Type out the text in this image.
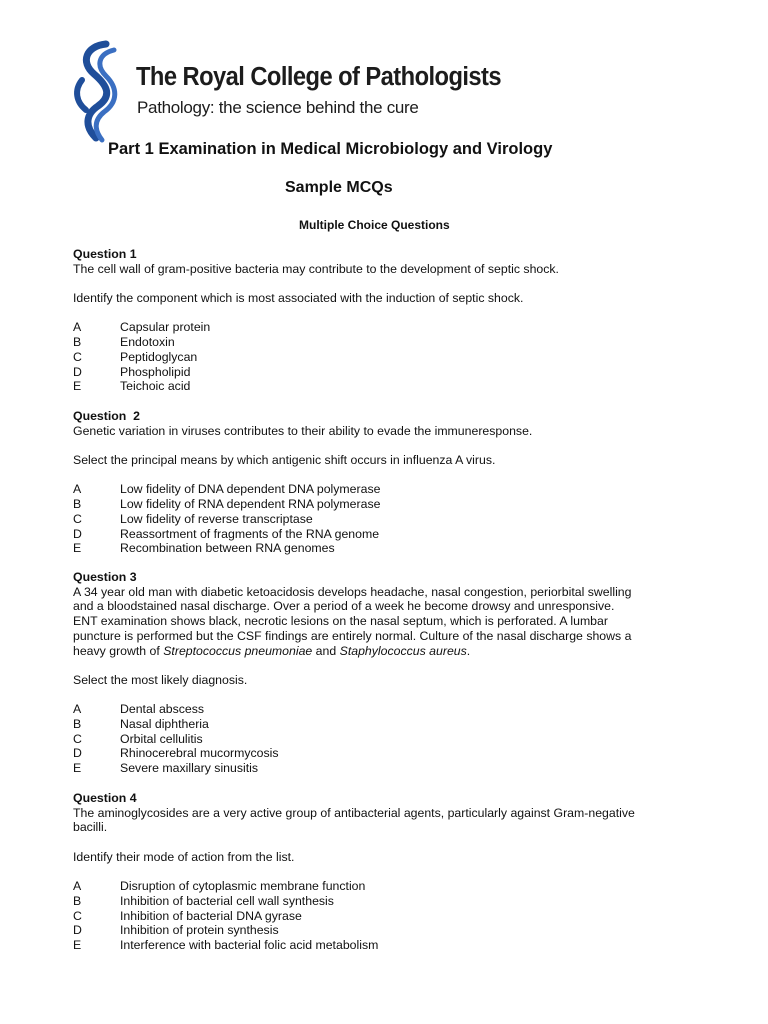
The Royal College of Pathologists
Pathology: the science behind the cure
Part 1 Examination in Medical Microbiology and Virology
Sample MCQs
Multiple Choice Questions

Question 1

The cell wall of gram-positive bacteria may contribute to the development of septic shock.

Identify the component which is most associated with the induction of septic shock.

A	Capsular protein
B	Endotoxin
C	Peptidoglycan
D	Phospholipid
E	Teichoic acid

Question  2

Genetic variation in viruses contributes to their ability to evade the immuneresponse.

Select the principal means by which antigenic shift occurs in influenza A virus.

A	Low fidelity of DNA dependent DNA polymerase
B	Low fidelity of RNA dependent RNA polymerase
C	Low fidelity of reverse transcriptase
D	Reassortment of fragments of the RNA genome
E	Recombination between RNA genomes

Question 3

A 34 year old man with diabetic ketoacidosis develops headache, nasal congestion, periorbital swelling

and a bloodstained nasal discharge. Over a period of a week he become drowsy and unresponsive.

ENT examination shows black, necrotic lesions on the nasal septum, which is perforated. A lumbar

puncture is performed but the CSF findings are entirely normal. Culture of the nasal discharge shows a

heavy growth of Streptococcus pneumoniae and Staphylococcus aureus.

Select the most likely diagnosis.

A	Dental abscess
B	Nasal diphtheria
C	Orbital cellulitis
D	Rhinocerebral mucormycosis
E	Severe maxillary sinusitis

Question 4

The aminoglycosides are a very active group of antibacterial agents, particularly against Gram-negative

bacilli.

Identify their mode of action from the list.

A	Disruption of cytoplasmic membrane function
B	Inhibition of bacterial cell wall synthesis
C	Inhibition of bacterial DNA gyrase
D	Inhibition of protein synthesis
E	Interference with bacterial folic acid metabolism
